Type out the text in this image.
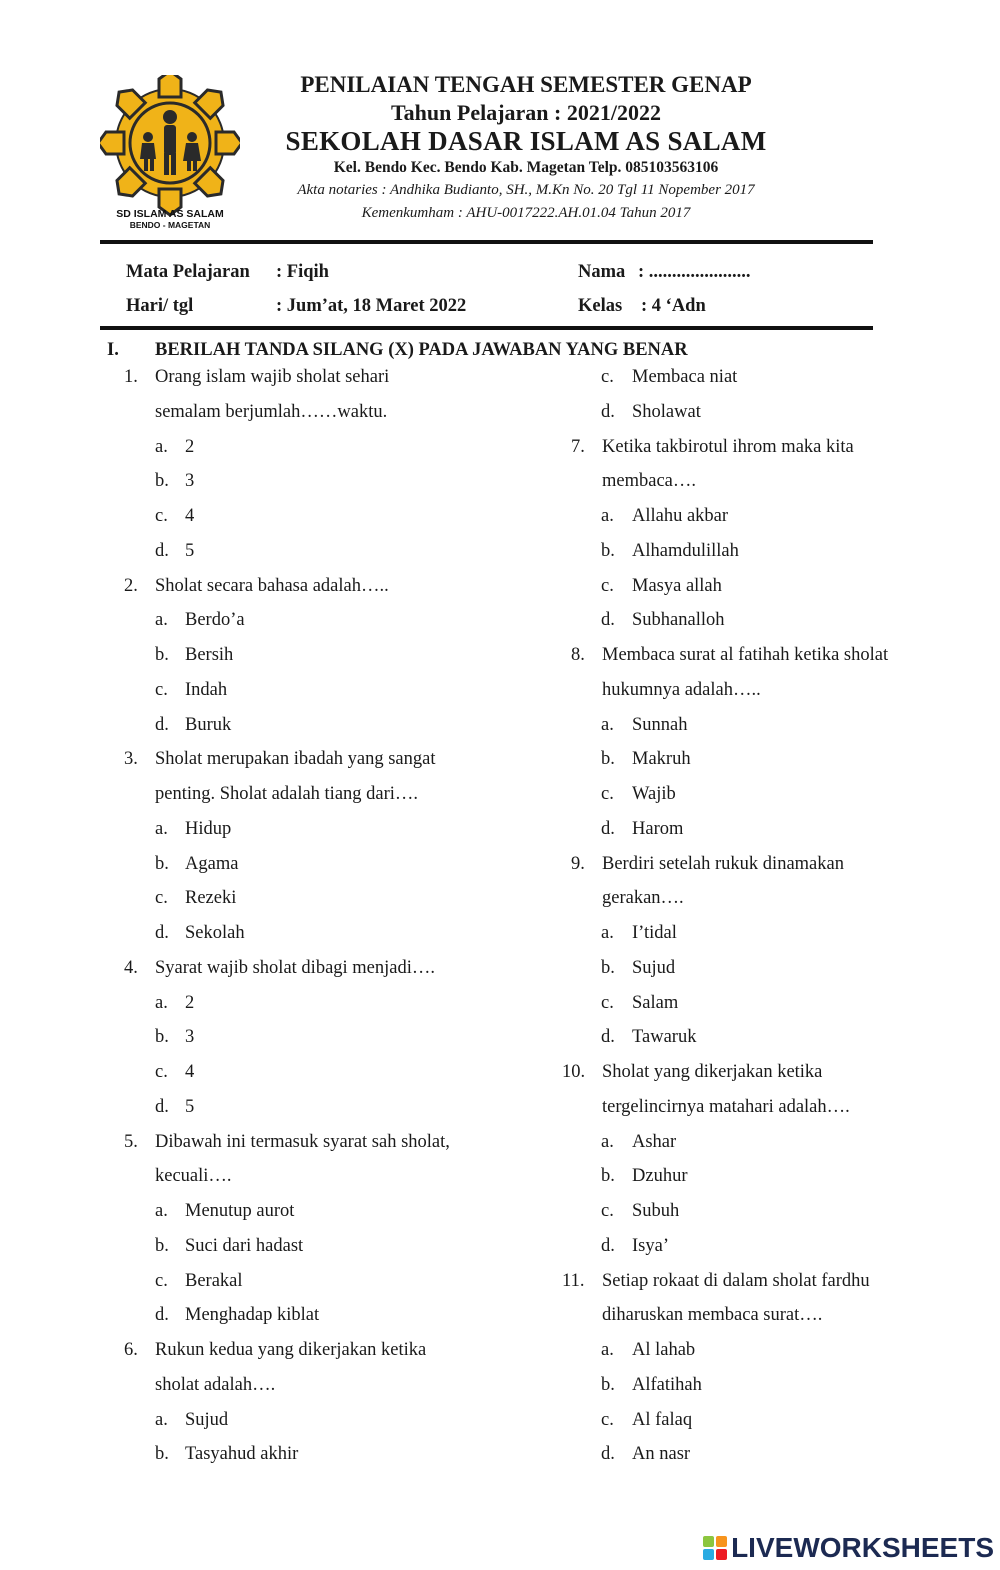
SD ISLAM AS SALAM
BENDO - MAGETAN
PENILAIAN TENGAH SEMESTER GENAP
Tahun Pelajaran : 2021/2022
SEKOLAH DASAR ISLAM AS SALAM
Kel. Bendo Kec. Bendo Kab. Magetan Telp. 085103563106
Akta notaries : Andhika Budianto, SH., M.Kn No. 20 Tgl 11 Nopember 2017
Kemenkumham : AHU-0017222.AH.01.04 Tahun 2017
Mata Pelajaran : Fiqih
Hari/ tgl	: Jum’at, 18 Maret 2022
Nama : ......................
Kelas : 4 ‘Adn
I. BERILAH TANDA SILANG (X) PADA JAWABAN YANG BENAR
1. Orang islam wajib sholat sehari
semalam berjumlah……waktu.
a. 2
b. 3
c. 4
d. 5
2. Sholat secara bahasa adalah…..
a. Berdo’a
b. Bersih
c. Indah
d. Buruk
3. Sholat merupakan ibadah yang sangat
penting. Sholat adalah tiang dari….
a. Hidup
b. Agama
c. Rezeki
d. Sekolah
4. Syarat wajib sholat dibagi menjadi….
a. 2
b. 3
c. 4
d. 5
5. Dibawah ini termasuk syarat sah sholat,
kecuali….
a. Menutup aurot
b. Suci dari hadast
c. Berakal
d. Menghadap kiblat
6. Rukun kedua yang dikerjakan ketika
sholat adalah….
a. Sujud
b. Tasyahud akhir
c. Membaca niat
d. Sholawat
7. Ketika takbirotul ihrom maka kita
membaca….
a. Allahu akbar
b. Alhamdulillah
c. Masya allah
d. Subhanalloh
8. Membaca surat al fatihah ketika sholat
hukumnya adalah…..
a. Sunnah
b. Makruh
c. Wajib
d. Harom
9. Berdiri setelah rukuk dinamakan
gerakan….
a. I’tidal
b. Sujud
c. Salam
d. Tawaruk
10. Sholat yang dikerjakan ketika
tergelincirnya matahari adalah….
a. Ashar
b. Dzuhur
c. Subuh
d. Isya’
11. Setiap rokaat di dalam sholat fardhu
diharuskan membaca surat….
a. Al lahab
b. Alfatihah
c. Al falaq
d. An nasr
LIVEWORKSHEETS
